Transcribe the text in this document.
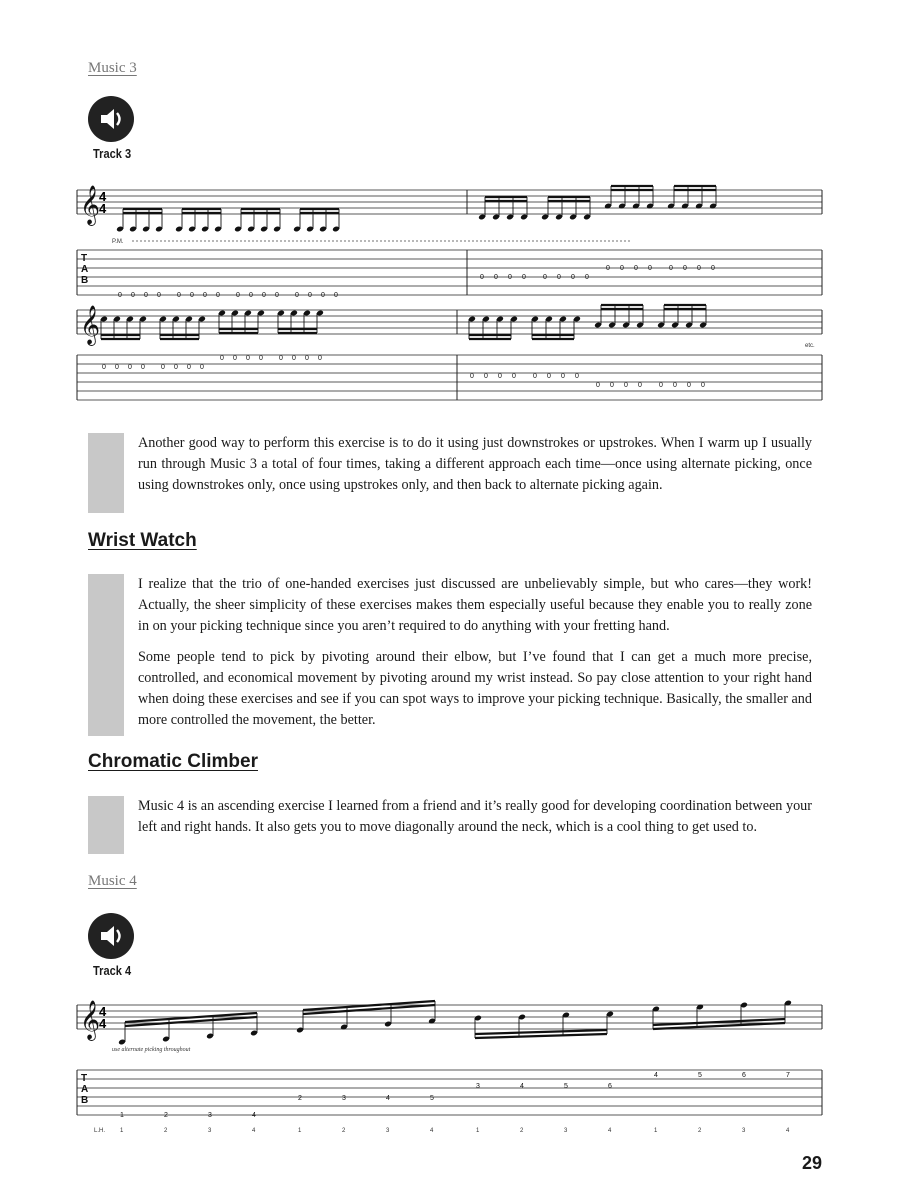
Music 3
Track 3
𝄞
4
4
T
A
B
0 0 0 0 0 0 0 0 0 0 0 0 0 0 0 0
0 0 0 0 0 0 0 0
0 0 0 0 0 0 0 0
P.M.
𝄞
0 0 0 0 0 0 0 0
0 0 0 0 0 0 0 0
0 0 0 0 0 0 0 0
0 0 0 0 0 0 0 0
etc.
Another good way to perform this exercise is to do it using just downstrokes or upstrokes. When I warm up I usually run through Music 3 a total of four times, taking a different approach each time—once using alternate picking, once using downstrokes only, once using upstrokes only, and then back to alternate picking again.
Wrist Watch
I realize that the trio of one-handed exercises just discussed are unbelievably simple, but who cares—they work! Actually, the sheer simplicity of these exercises makes them especially useful because they enable you to really zone in on your picking technique since you aren’t required to do anything with your fretting hand.
Some people tend to pick by pivoting around their elbow, but I’ve found that I can get a much more precise, controlled, and economical movement by pivoting around my wrist instead. So pay close attention to your right hand when doing these exercises and see if you can spot ways to improve your picking technique. Basically, the smaller and more controlled the movement, the better.
Chromatic Climber
Music 4 is an ascending exercise I learned from a friend and it’s really good for developing coordination between your left and right hands. It also gets you to move diagonally around the neck, which is a cool thing to get used to.
Music 4
Track 4
𝄞
4
4
T
A
B
1
1
2
2
3
3
4
4
2
1
3
2
4
3
5
4
3
1
4
2
5
3
6
4
4
1
5
2
6
3
7
4
use alternate picking throughout
L.H.
29
